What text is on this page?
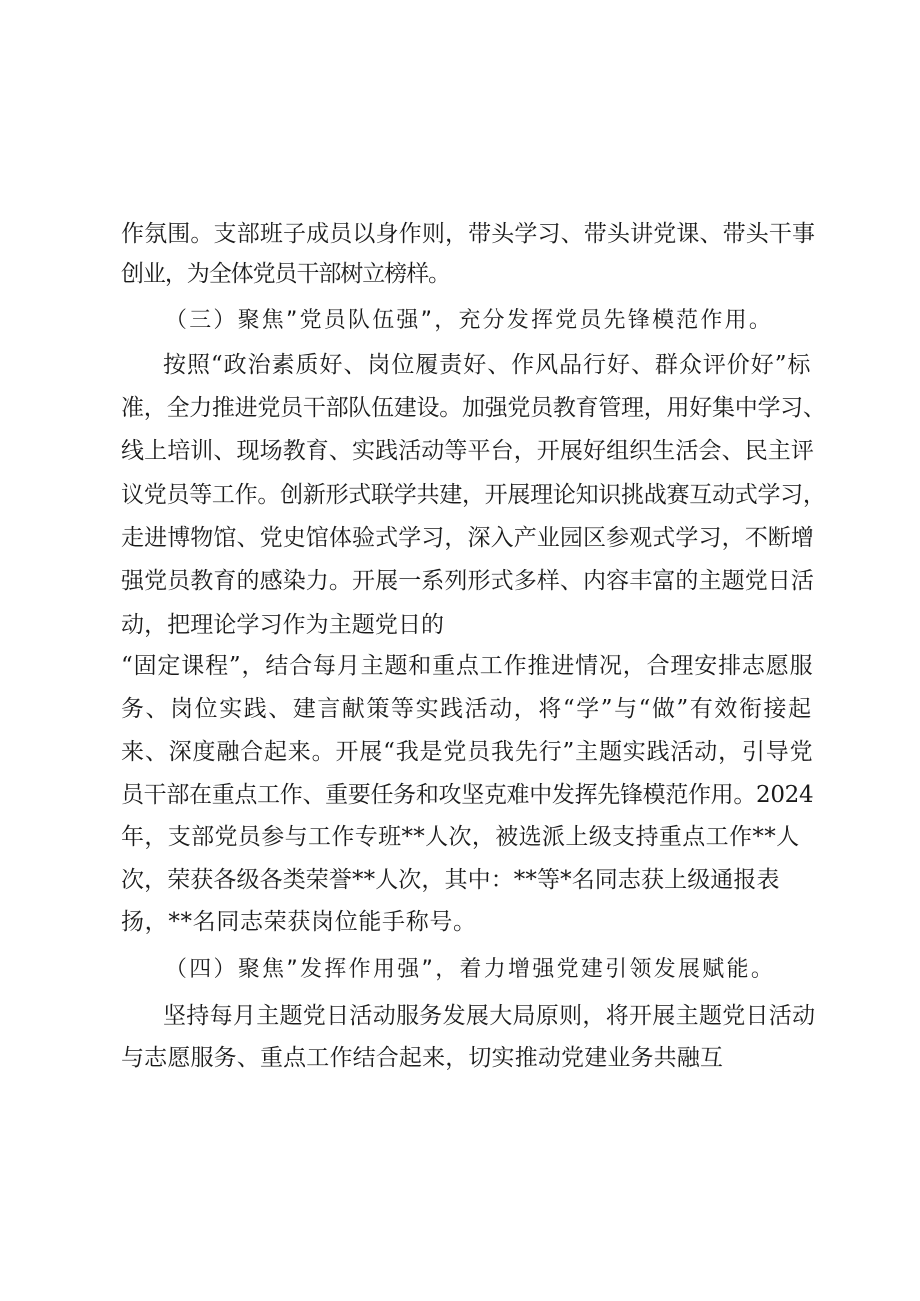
作氛围。支部班子成员以身作则，带头学习、带头讲党课、带头干事
创业，为全体党员干部树立榜样。
（三）聚焦”党员队伍强”，充分发挥党员先锋模范作用。
按照“政治素质好、岗位履责好、作风品行好、群众评价好”标
准，全力推进党员干部队伍建设。加强党员教育管理，用好集中学习、
线上培训、现场教育、实践活动等平台，开展好组织生活会、民主评
议党员等工作。创新形式联学共建，开展理论知识挑战赛互动式学习，
走进博物馆、党史馆体验式学习，深入产业园区参观式学习，不断增
强党员教育的感染力。开展一系列形式多样、内容丰富的主题党日活
动，把理论学习作为主题党日的
“固定课程”，结合每月主题和重点工作推进情况，合理安排志愿服
务、岗位实践、建言献策等实践活动，将“学”与“做”有效衔接起
来、深度融合起来。开展“我是党员我先行”主题实践活动，引导党
员干部在重点工作、重要任务和攻坚克难中发挥先锋模范作用。2024
年，支部党员参与工作专班**人次，被选派上级支持重点工作**人
次，荣获各级各类荣誉**人次，其中：**等*名同志获上级通报表
扬，**名同志荣获岗位能手称号。
（四）聚焦”发挥作用强”，着力增强党建引领发展赋能。
坚持每月主题党日活动服务发展大局原则，将开展主题党日活动
与志愿服务、重点工作结合起来，切实推动党建业务共融互
